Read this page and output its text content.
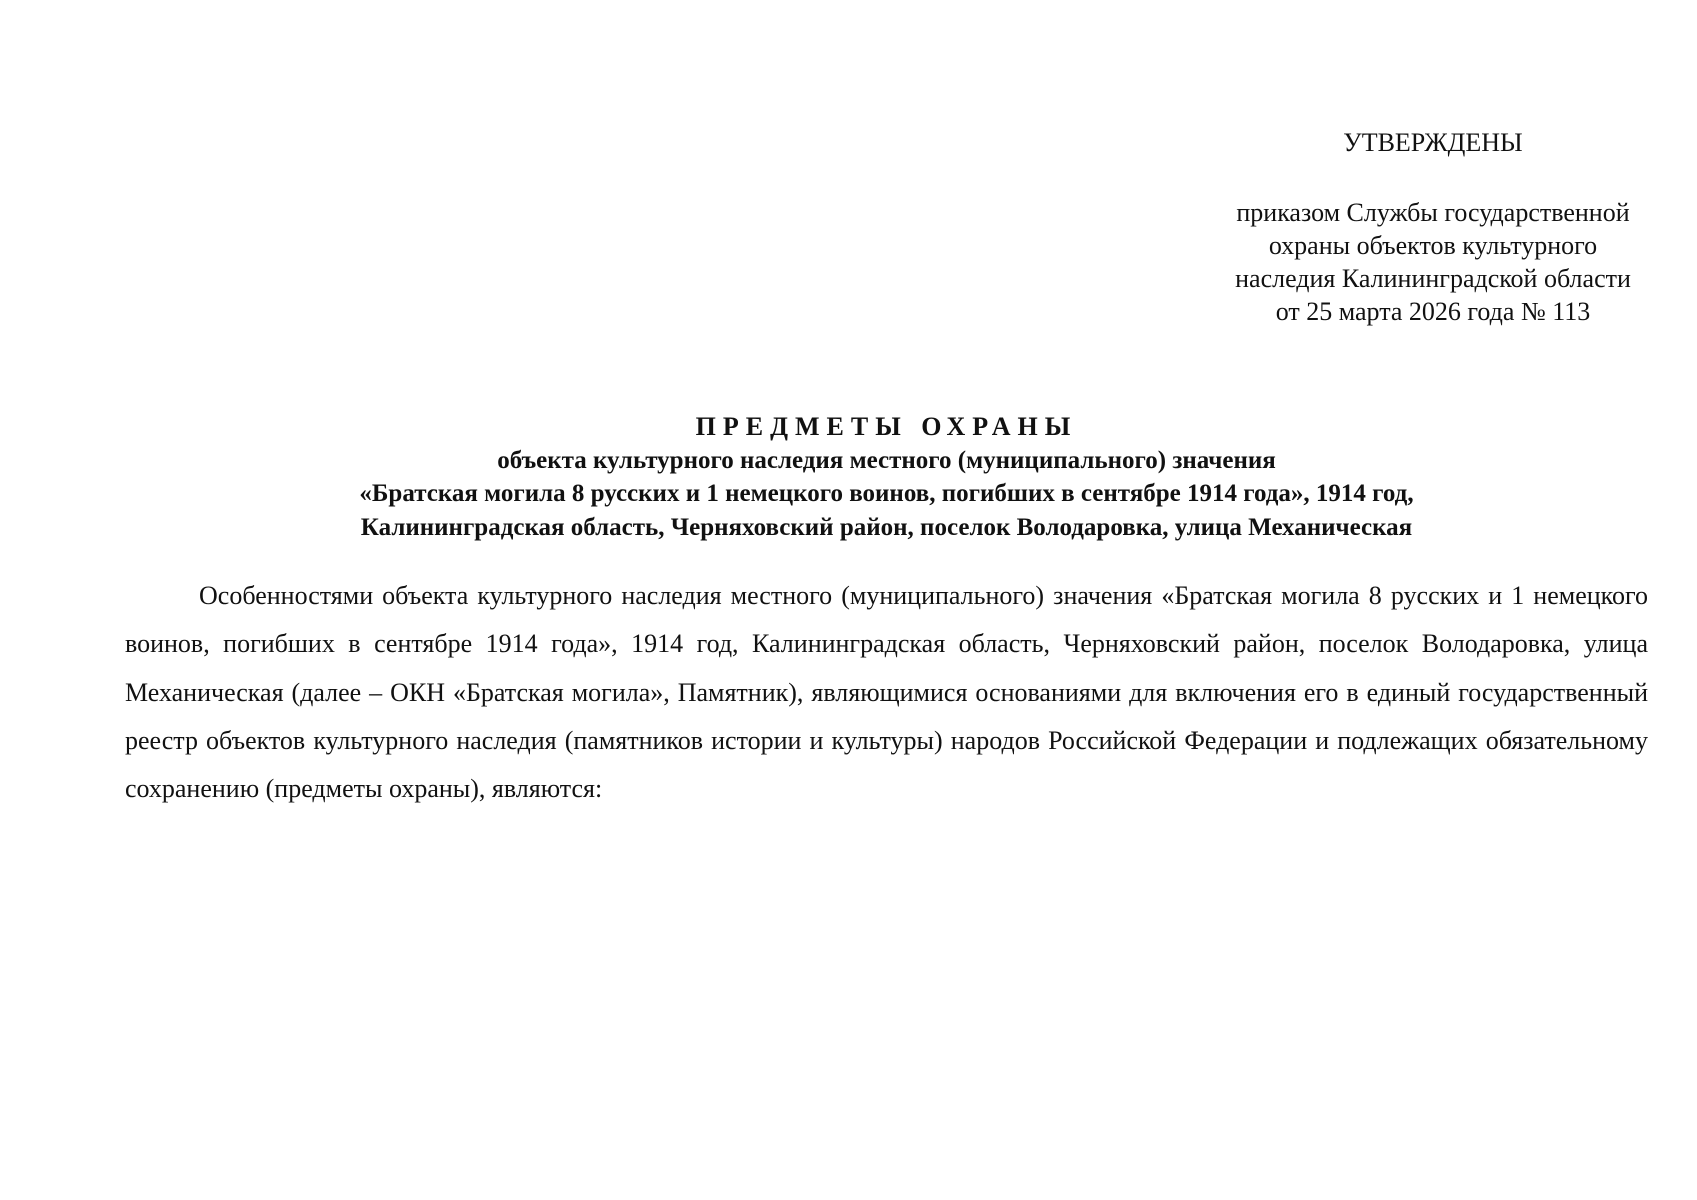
УТВЕРЖДЕНЫ
приказом Службы государственной
охраны объектов культурного
наследия Калининградской области
от 25 марта 2026 года № 113
ПРЕДМЕТЫ ОХРАНЫ
объекта культурного наследия местного (муниципального) значения
«Братская могила 8 русских и 1 немецкого воинов, погибших в сентябре 1914 года», 1914 год,
Калининградская область, Черняховский район, поселок Володаровка, улица Механическая

Особенностями объекта культурного наследия местного (муниципального) значения «Братская могила 8 русских и 1 немецкого воинов, погибших в сентябре 1914 года», 1914 год, Калининградская область, Черняховский район, поселок Володаровка, улица Механическая (далее – ОКН «Братская могила», Памятник), являющимися основаниями для включения его в единый государственный реестр объектов культурного наследия (памятников истории и культуры) народов Российской Федерации и подлежащих обязательному сохранению (предметы охраны), являются:
